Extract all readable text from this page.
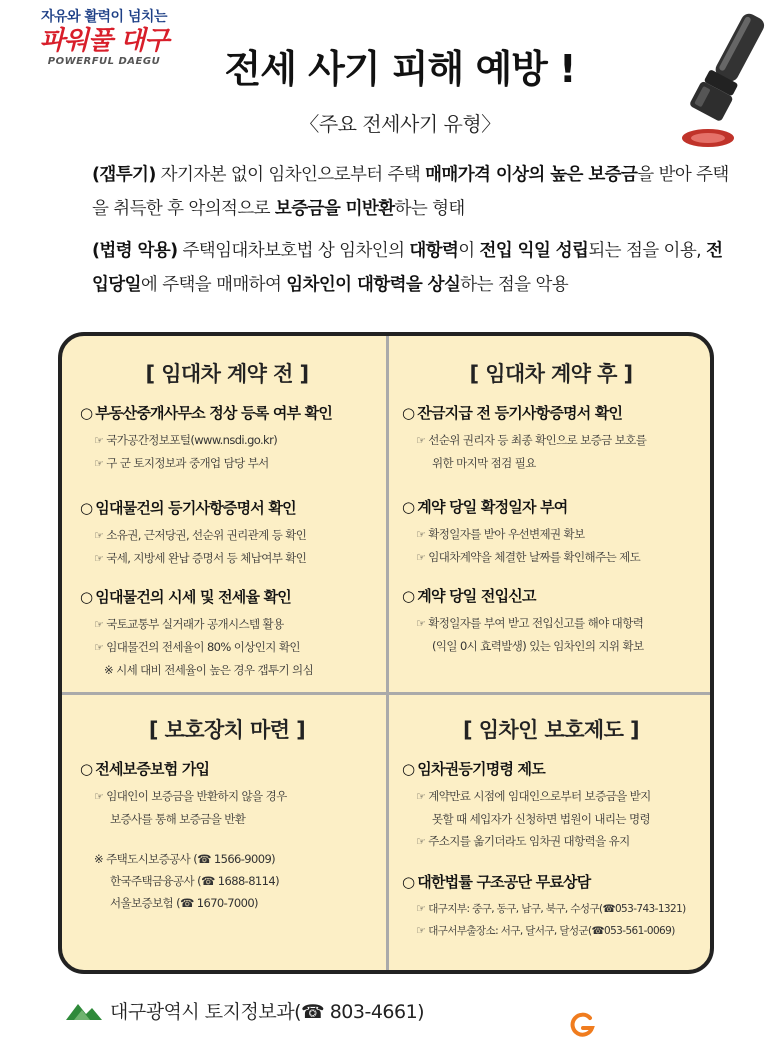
자유와 활력이 넘치는
파워풀 대구
POWERFUL DAEGU	전세 사기 피해 예방 !
〈주요 전세사기 유형〉
(갭투기) 자기자본 없이 임차인으로부터 주택 매매가격 이상의 높은 보증금을 받아 주택을 취득한 후 악의적으로 보증금을 미반환하는 형태
(법령 악용) 주택임대차보호법 상 임차인의 대항력이 전입 익일 성립되는 점을 이용, 전입당일에 주택을 매매하여 임차인이 대항력을 상실하는 점을 악용
[ 임대차 계약 전 ]
○ 부동산중개사무소 정상 등록 여부 확인
☞ 국가공간정보포털(www.nsdi.go.kr)
☞ 구 군 토지정보과 중개업 담당 부서
○ 임대물건의 등기사항증명서 확인
☞ 소유권, 근저당권, 선순위 권리관계 등 확인
☞ 국세, 지방세 완납 증명서 등 체납여부 확인
○ 임대물건의 시세 및 전세율 확인
☞ 국토교통부 실거래가 공개시스템 활용
☞ 임대물건의 전세율이 80% 이상인지 확인
※ 시세 대비 전세율이 높은 경우 갭투기 의심
[ 임대차 계약 후 ]
○ 잔금지급 전 등기사항증명서 확인
☞ 선순위 권리자 등 최종 확인으로 보증금 보호를
위한 마지막 점검 필요
○ 계약 당일 확정일자 부여
☞ 확정일자를 받아 우선변제권 확보
☞ 임대차계약을 체결한 날짜를 확인해주는 제도
○ 계약 당일 전입신고
☞ 확정일자를 부여 받고 전입신고를 해야 대항력
(익일 0시 효력발생) 있는 임차인의 지위 확보
[ 보호장치 마련 ]
○ 전세보증보험 가입
☞ 임대인이 보증금을 반환하지 않을 경우
보증사를 통해 보증금을 반환
※ 주택도시보증공사 (☎ 1566-9009)
한국주택금융공사 (☎ 1688-8114)
서울보증보험 (☎ 1670-7000)
[ 임차인 보호제도 ]
○ 임차권등기명령 제도
☞ 계약만료 시점에 임대인으로부터 보증금을 받지
못할 때 세입자가 신청하면 법원이 내리는 명령
☞ 주소지를 옮기더라도 임차권 대항력을 유지
○ 대한법률 구조공단 무료상담
☞ 대구지부: 중구, 동구, 남구, 북구, 수성구(☎053-743-1321)
☞ 대구서부출장소: 서구, 달서구, 달성군(☎053-561-0069)
대구광역시 토지정보과(☎ 803-4661)
